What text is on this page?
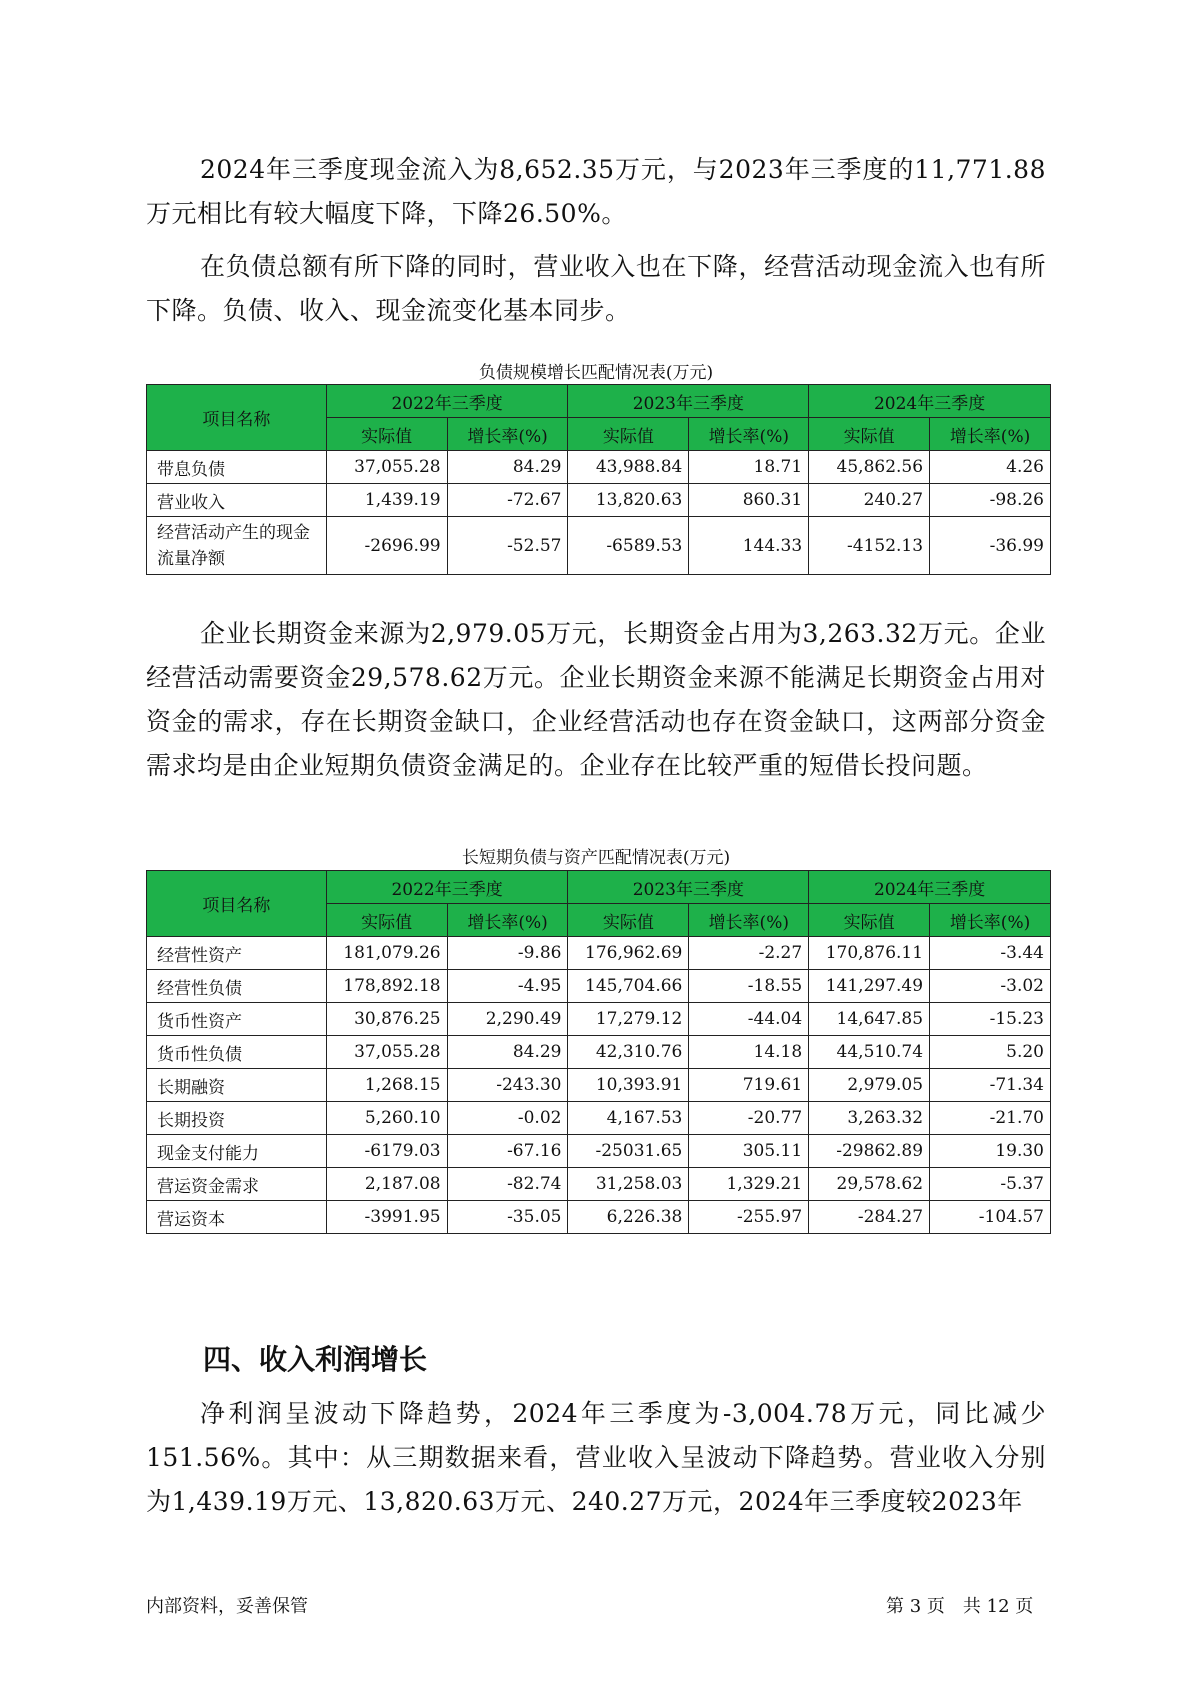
2024年三季度现金流入为8,652.35万元，与2023年三季度的11,771.88万元相比有较大幅度下降，下降26.50%。

在负债总额有所下降的同时，营业收入也在下降，经营活动现金流入也有所下降。负债、收入、现金流变化基本同步。

负债规模增长匹配情况表(万元)

项目名称	2022年三季度		2023年三季度		2024年三季度	
	实际值	增长率(%)	实际值	增长率(%)	实际值	增长率(%)
带息负债	37,055.28	84.29	43,988.84	18.71	45,862.56	4.26
营业收入	1,439.19	-72.67	13,820.63	860.31	240.27	-98.26
经营活动产生的现金流量净额	-2696.99	-52.57	-6589.53	144.33	-4152.13	-36.99

企业长期资金来源为2,979.05万元，长期资金占用为3,263.32万元。企业经营活动需要资金29,578.62万元。企业长期资金来源不能满足长期资金占用对资金的需求，存在长期资金缺口，企业经营活动也存在资金缺口，这两部分资金需求均是由企业短期负债资金满足的。企业存在比较严重的短借长投问题。

长短期负债与资产匹配情况表(万元)

项目名称	2022年三季度		2023年三季度		2024年三季度	
	实际值	增长率(%)	实际值	增长率(%)	实际值	增长率(%)
经营性资产	181,079.26	-9.86	176,962.69	-2.27	170,876.11	-3.44
经营性负债	178,892.18	-4.95	145,704.66	-18.55	141,297.49	-3.02
货币性资产	30,876.25	2,290.49	17,279.12	-44.04	14,647.85	-15.23
货币性负债	37,055.28	84.29	42,310.76	14.18	44,510.74	5.20
长期融资	1,268.15	-243.30	10,393.91	719.61	2,979.05	-71.34
长期投资	5,260.10	-0.02	4,167.53	-20.77	3,263.32	-21.70
现金支付能力	-6179.03	-67.16	-25031.65	305.11	-29862.89	19.30
营运资金需求	2,187.08	-82.74	31,258.03	1,329.21	29,578.62	-5.37
营运资本	-3991.95	-35.05	6,226.38	-255.97	-284.27	-104.57
四、收入利润增长

净利润呈波动下降趋势，2024年三季度为-3,004.78万元，同比减少151.56%。其中：从三期数据来看，营业收入呈波动下降趋势。营业收入分别为1,439.19万元、13,820.63万元、240.27万元，2024年三季度较2023年

内部资料，妥善保管	第 3 页　共 12 页
